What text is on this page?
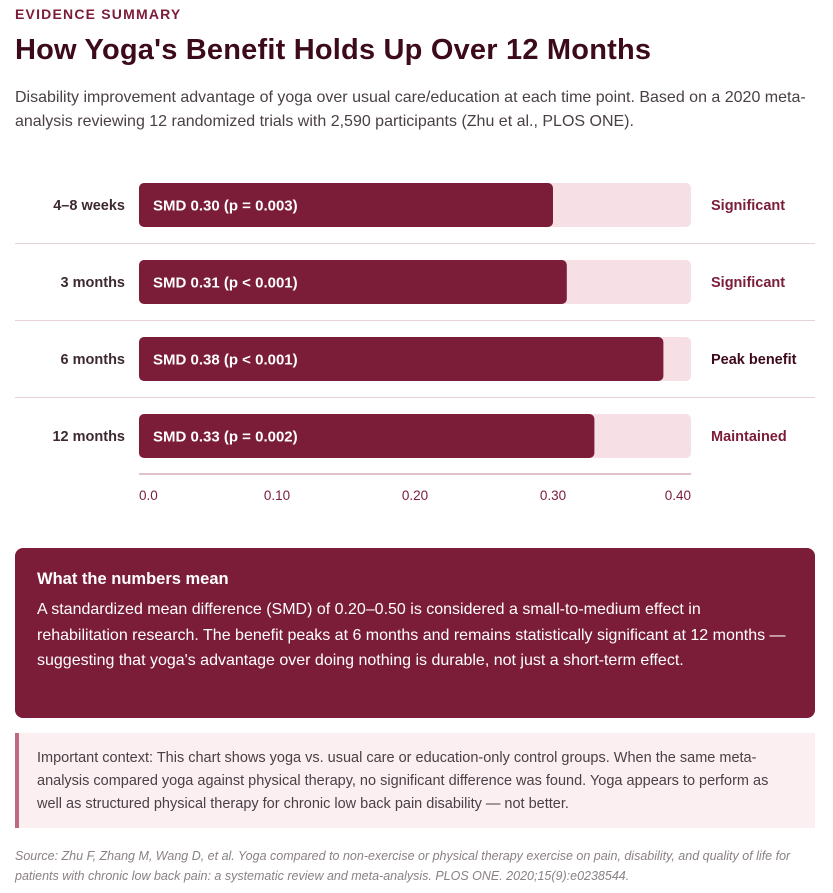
EVIDENCE SUMMARY
How Yoga's Benefit Holds Up Over 12 Months

Disability improvement advantage of yoga over usual care/education at each time point. Based on a 2020 meta-analysis reviewing 12 randomized trials with 2,590 participants (Zhu et al., PLOS ONE).

4–8 weeks SMD 0.30 (p = 0.003)	Significant
3 months SMD 0.31 (p < 0.001)	Significant
6 months SMD 0.38 (p < 0.001)	Peak benefit
12 months SMD 0.33 (p = 0.002)	Maintained
0.0	0.10	0.20	0.30	0.40
What the numbers mean

A standardized mean difference (SMD) of 0.20–0.50 is considered a small-to-medium effect in rehabilitation research. The benefit peaks at 6 months and remains statistically significant at 12 months — suggesting that yoga's advantage over doing nothing is durable, not just a short-term effect.

Important context: This chart shows yoga vs. usual care or education-only control groups. When the same meta-analysis compared yoga against physical therapy, no significant difference was found. Yoga appears to perform as well as structured physical therapy for chronic low back pain disability — not better.

Source: Zhu F, Zhang M, Wang D, et al. Yoga compared to non-exercise or physical therapy exercise on pain, disability, and quality of life for patients with chronic low back pain: a systematic review and meta-analysis. PLOS ONE. 2020;15(9):e0238544.
